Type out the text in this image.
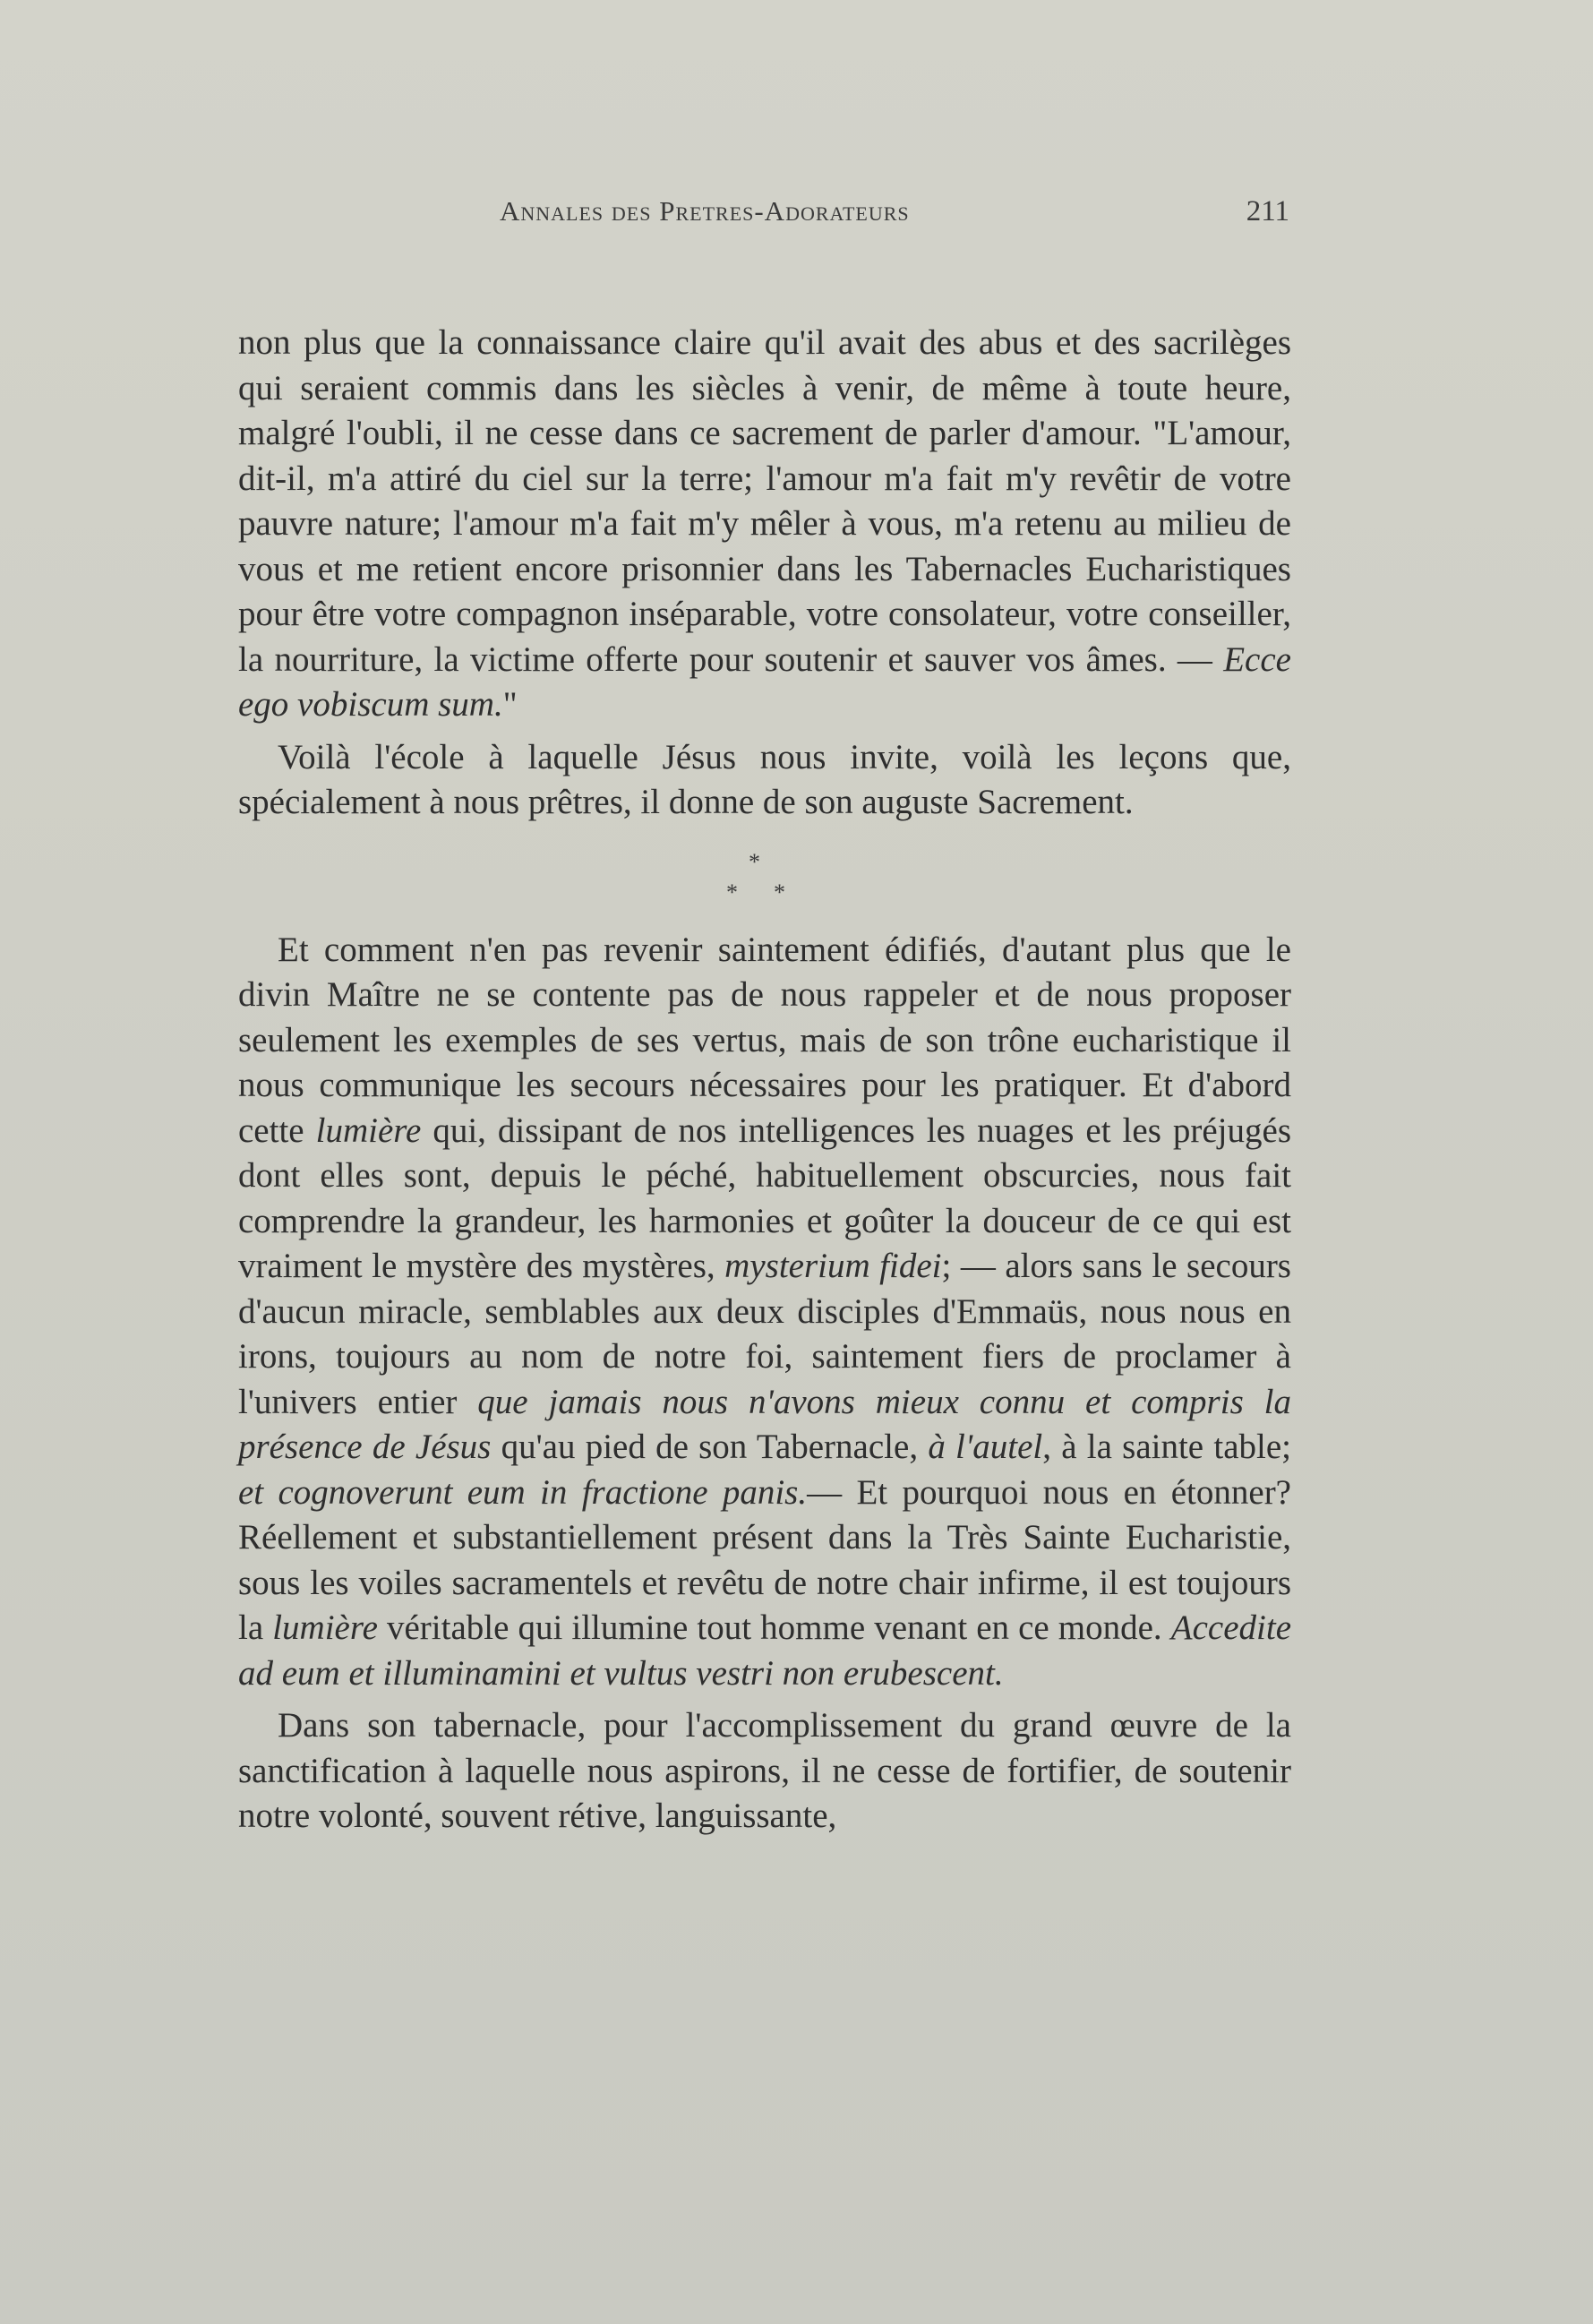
Annales des Pretres-Adorateurs	211

non plus que la connaissance claire qu'il avait des abus et des sacrilèges qui seraient commis dans les siècles à venir, de même à toute heure, malgré l'oubli, il ne cesse dans ce sacrement de parler d'amour. "L'amour, dit-il, m'a attiré du ciel sur la terre; l'amour m'a fait m'y revêtir de votre pauvre nature; l'amour m'a fait m'y mêler à vous, m'a retenu au milieu de vous et me retient encore prisonnier dans les Tabernacles Eucharistiques pour être votre compagnon inséparable, votre consolateur, votre conseiller, la nourriture, la victime offerte pour soutenir et sauver vos âmes. — Ecce ego vobiscum sum."

Voilà l'école à laquelle Jésus nous invite, voilà les leçons que, spécialement à nous prêtres, il donne de son auguste Sacrement.

*
* *

Et comment n'en pas revenir saintement édifiés, d'autant plus que le divin Maître ne se contente pas de nous rappeler et de nous proposer seulement les exemples de ses vertus, mais de son trône eucharistique il nous communique les secours nécessaires pour les pratiquer. Et d'abord cette lumière qui, dissipant de nos intelligences les nuages et les préjugés dont elles sont, depuis le péché, habituellement obscurcies, nous fait comprendre la grandeur, les harmonies et goûter la douceur de ce qui est vraiment le mystère des mystères, mysterium fidei; — alors sans le secours d'aucun miracle, semblables aux deux disciples d'Emmaüs, nous nous en irons, toujours au nom de notre foi, saintement fiers de proclamer à l'univers entier que jamais nous n'avons mieux connu et compris la présence de Jésus qu'au pied de son Tabernacle, à l'autel, à la sainte table; et cognoverunt eum in fractione panis.— Et pourquoi nous en étonner? Réellement et substantiellement présent dans la Très Sainte Eucharistie, sous les voiles sacramentels et revêtu de notre chair infirme, il est toujours la lumière véritable qui illumine tout homme venant en ce monde. Accedite ad eum et illuminamini et vultus vestri non erubescent.

Dans son tabernacle, pour l'accomplissement du grand œuvre de la sanctification à laquelle nous aspirons, il ne cesse de fortifier, de soutenir notre volonté, souvent rétive, languissante,
